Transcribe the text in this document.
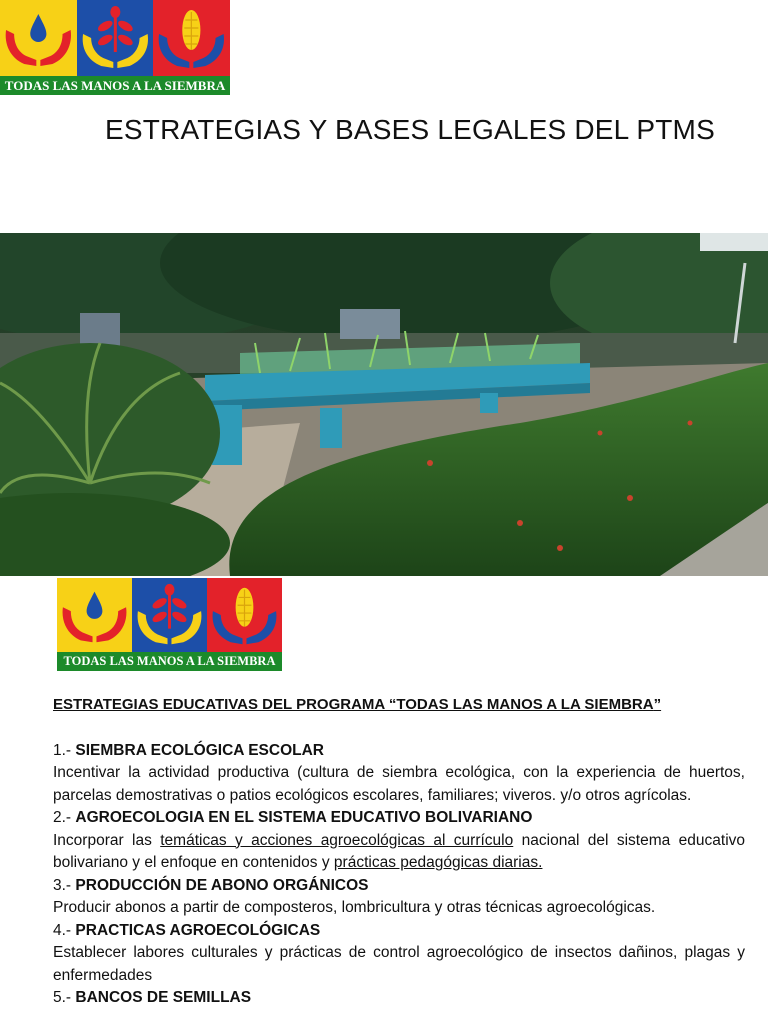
TODAS LAS MANOS A LA SIEMBRA
ESTRATEGIAS Y BASES LEGALES DEL PTMS
TODAS LAS MANOS A LA SIEMBRA

ESTRATEGIAS EDUCATIVAS DEL PROGRAMA “TODAS LAS MANOS A LA SIEMBRA”

1.- SIEMBRA ECOLÓGICA ESCOLAR

Incentivar la actividad productiva (cultura de siembra ecológica, con la experiencia de huertos, parcelas demostrativas o patios ecológicos escolares, familiares; viveros. y/o otros agrícolas.

2.- AGROECOLOGIA EN EL SISTEMA EDUCATIVO BOLIVARIANO

Incorporar las temáticas y acciones agroecológicas al currículo nacional del sistema educativo bolivariano y el enfoque en contenidos y prácticas pedagógicas diarias.

3.- PRODUCCIÓN DE ABONO ORGÁNICOS

Producir abonos a partir de composteros, lombricultura y otras técnicas agroecológicas.

4.- PRACTICAS AGROECOLÓGICAS

Establecer labores culturales y prácticas de control agroecológico de insectos dañinos, plagas y enfermedades

5.- BANCOS DE SEMILLAS
